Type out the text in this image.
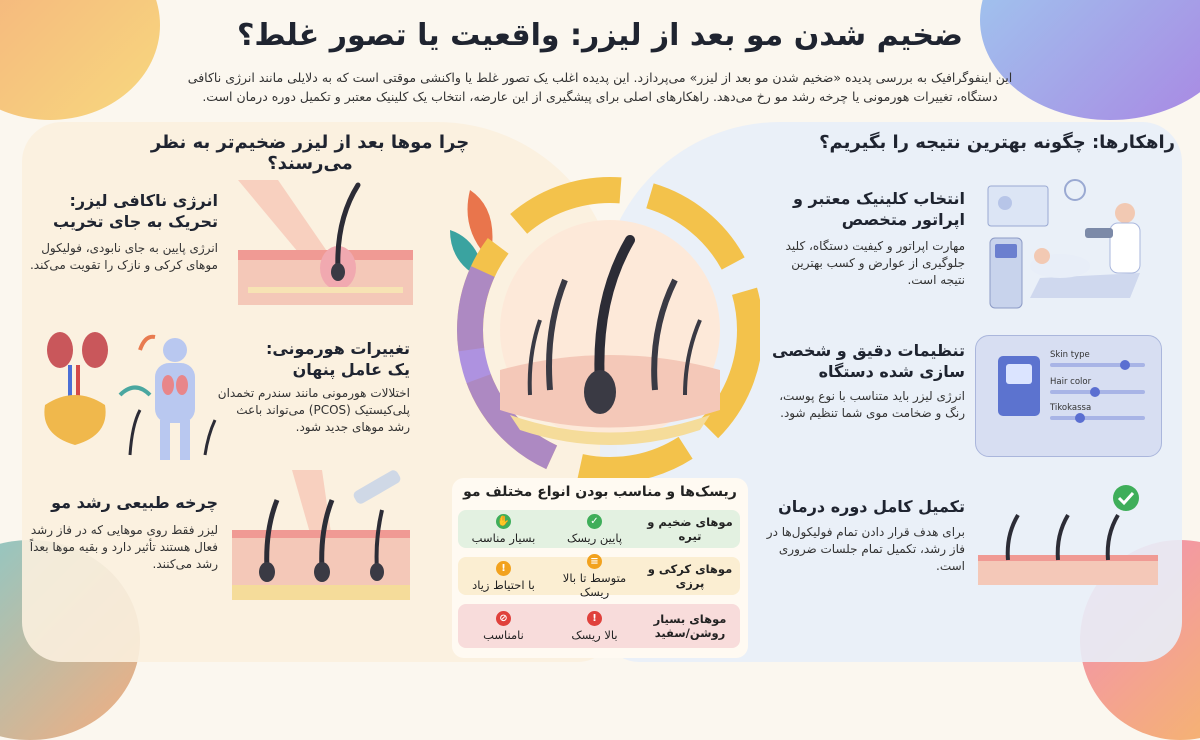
ضخیم شدن مو بعد از لیزر: واقعیت یا تصور غلط؟
این اینفوگرافیک به بررسی پدیده «ضخیم شدن مو بعد از لیزر» می‌پردازد. این پدیده اغلب یک تصور غلط یا واکنشی موقتی است که به دلایلی مانند انرژی ناکافی دستگاه، تغییرات هورمونی یا چرخه رشد مو رخ می‌دهد. راهکارهای اصلی برای پیشگیری از این عارضه، انتخاب یک کلینیک معتبر و تکمیل دوره درمان است.
چرا موها بعد از لیزر ضخیم‌تر به نظر می‌رسند؟
انرژی ناکافی لیزر: تحریک به جای تخریب
انرژی پایین به جای نابودی، فولیکول موهای کرکی و نازک را تقویت می‌کند.
تغییرات هورمونی: یک عامل پنهان
اختلالات هورمونی مانند سندرم تخمدان پلی‌کیستیک (PCOS) می‌تواند باعث رشد موهای جدید شود.
چرخه طبیعی رشد مو
لیزر فقط روی موهایی که در فاز رشد فعال هستند تأثیر دارد و بقیه موها بعداً رشد می‌کنند.
راهکارها: چگونه بهترین نتیجه را بگیریم؟
انتخاب کلینیک معتبر و اپراتور متخصص
مهارت اپراتور و کیفیت دستگاه، کلید جلوگیری از عوارض و کسب بهترین نتیجه است.
تنظیمات دقیق و شخصی سازی شده دستگاه
انرژی لیزر باید متناسب با نوع پوست، رنگ و ضخامت موی شما تنظیم شود.
تکمیل کامل دوره درمان
برای هدف قرار دادن تمام فولیکول‌ها در فاز رشد، تکمیل تمام جلسات ضروری است.
Skin type
Hair color
Tikokassa
ریسک‌ها و مناسب بودن انواع مختلف مو
موهای ضخیم و تیره
✓
پایین ریسک
✋
بسیار مناسب
موهای کرکی و پرزی
≡
متوسط تا بالا ریسک
!
با احتیاط زیاد
موهای بسیار روشن/سفید
!
بالا ریسک
⊘
نامناسب
